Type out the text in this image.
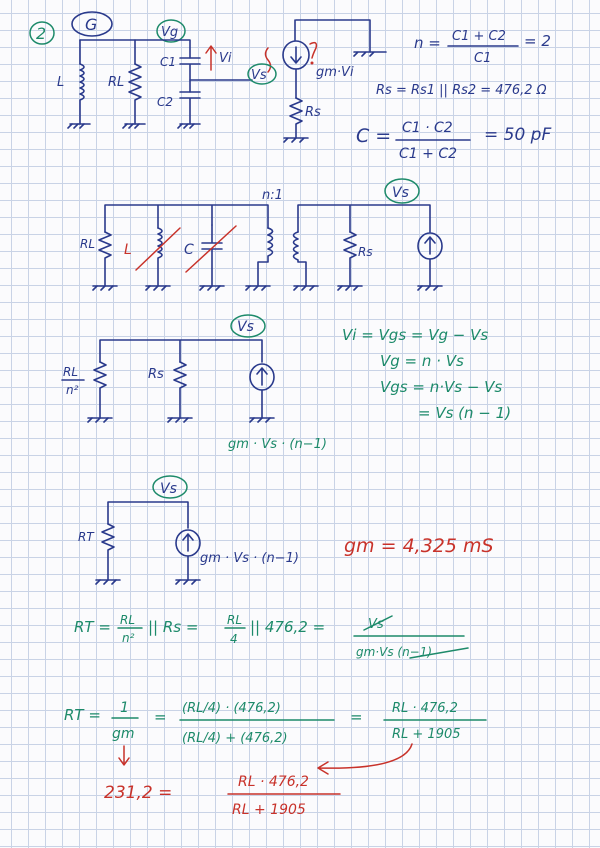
2 G	Vg
L	RL
C1
C2
Vi
Vs	gm·Vi
Rs
n = C1 + C2
C1
= 2
Rs = Rs1 || Rs2 = 476,2 Ω
C = C1 · C2
C1 + C2
= 50 pF
n:1	Vs
L	C
RL
Rs
Vs
RL
n²
Rs
gm · Vs · (n−1)
Vi = Vgs = Vg − Vs
Vg = n · Vs
Vgs = n·Vs − Vs
= Vs (n − 1)
Vs
RT
gm · Vs · (n−1)
gm = 4,325 mS
RT = RL
n²
|| Rs = RL
4
|| 476,2 =	Vs
gm·Vs (n−1)
RT = 1
gm
= (RL/4) · (476,2)
(RL/4) + (476,2)
= RL · 476,2
RL + 1905
231,2 =
RL · 476,2
RL + 1905
